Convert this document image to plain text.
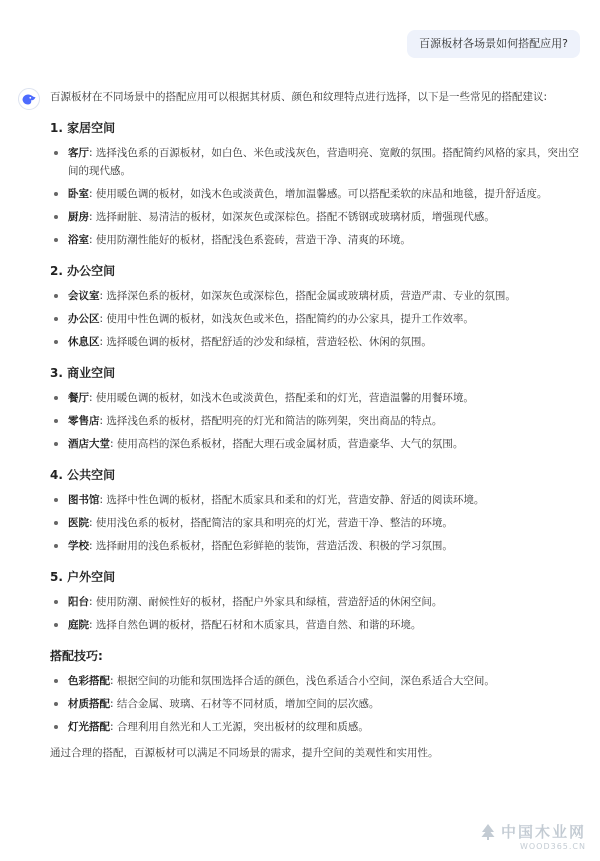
百源板材各场景如何搭配应用?

百源板材在不同场景中的搭配应用可以根据其材质、颜色和纹理特点进行选择，以下是一些常见的搭配建议:

1. 家居空间
客厅: 选择浅色系的百源板材，如白色、米色或浅灰色，营造明亮、宽敞的氛围。搭配简约风格的家具，突出空间的现代感。
卧室: 使用暖色调的板材，如浅木色或淡黄色，增加温馨感。可以搭配柔软的床品和地毯，提升舒适度。
厨房: 选择耐脏、易清洁的板材，如深灰色或深棕色。搭配不锈钢或玻璃材质，增强现代感。
浴室: 使用防潮性能好的板材，搭配浅色系瓷砖，营造干净、清爽的环境。
2. 办公空间
会议室: 选择深色系的板材，如深灰色或深棕色，搭配金属或玻璃材质，营造严肃、专业的氛围。
办公区: 使用中性色调的板材，如浅灰色或米色，搭配简约的办公家具，提升工作效率。
休息区: 选择暖色调的板材，搭配舒适的沙发和绿植，营造轻松、休闲的氛围。
3. 商业空间
餐厅: 使用暖色调的板材，如浅木色或淡黄色，搭配柔和的灯光，营造温馨的用餐环境。
零售店: 选择浅色系的板材，搭配明亮的灯光和简洁的陈列架，突出商品的特点。
酒店大堂: 使用高档的深色系板材，搭配大理石或金属材质，营造豪华、大气的氛围。
4. 公共空间
图书馆: 选择中性色调的板材，搭配木质家具和柔和的灯光，营造安静、舒适的阅读环境。
医院: 使用浅色系的板材，搭配简洁的家具和明亮的灯光，营造干净、整洁的环境。
学校: 选择耐用的浅色系板材，搭配色彩鲜艳的装饰，营造活泼、积极的学习氛围。
5. 户外空间
阳台: 使用防潮、耐候性好的板材，搭配户外家具和绿植，营造舒适的休闲空间。
庭院: 选择自然色调的板材，搭配石材和木质家具，营造自然、和谐的环境。
搭配技巧:
色彩搭配: 根据空间的功能和氛围选择合适的颜色，浅色系适合小空间，深色系适合大空间。
材质搭配: 结合金属、玻璃、石材等不同材质，增加空间的层次感。
灯光搭配: 合理利用自然光和人工光源，突出板材的纹理和质感。

通过合理的搭配，百源板材可以满足不同场景的需求，提升空间的美观性和实用性。

中国木业网
WOOD365.CN
